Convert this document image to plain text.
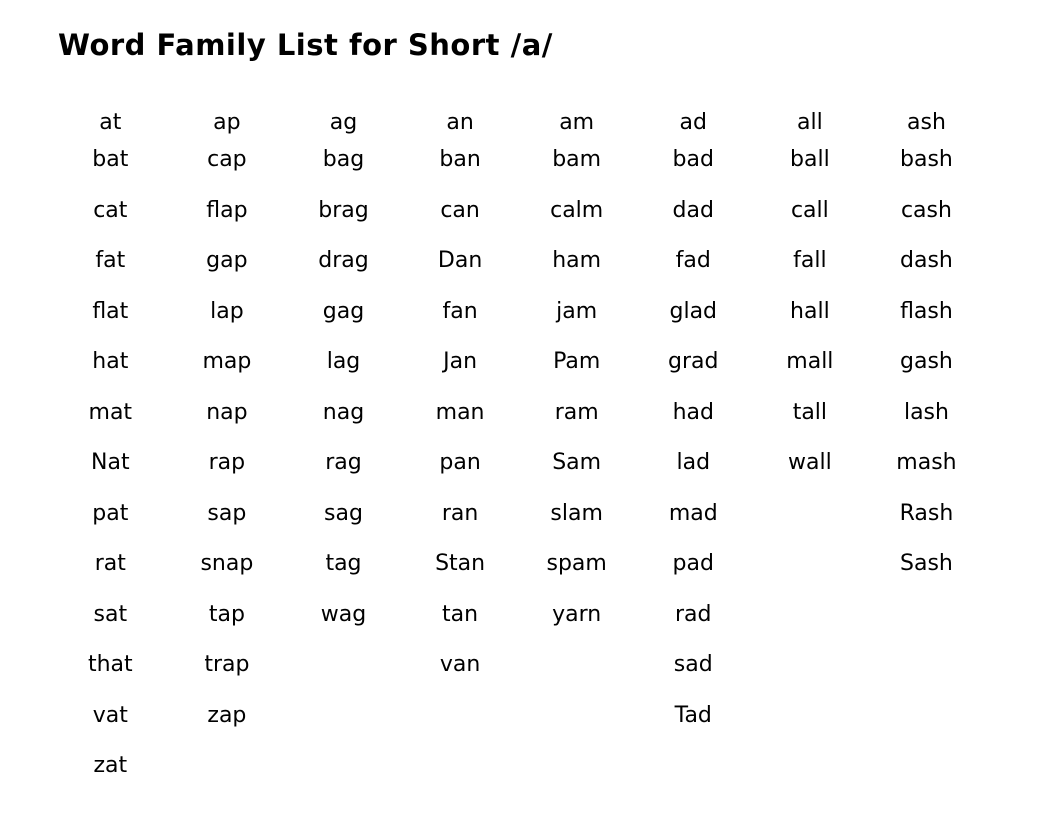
Word Family List for Short /a/
at
bat
cat
fat
flat
hat
mat
Nat
pat
rat
sat
that
vat
zat
ap
cap
flap
gap
lap
map
nap
rap
sap
snap
tap
trap
zap
ag
bag
brag
drag
gag
lag
nag
rag
sag
tag
wag
an
ban
can
Dan
fan
Jan
man
pan
ran
Stan
tan
van
am
bam
calm
ham
jam
Pam
ram
Sam
slam
spam
yarn
ad
bad
dad
fad
glad
grad
had
lad
mad
pad
rad
sad
Tad
all
ball
call
fall
hall
mall
tall
wall
ash
bash
cash
dash
flash
gash
lash
mash
Rash
Sash
